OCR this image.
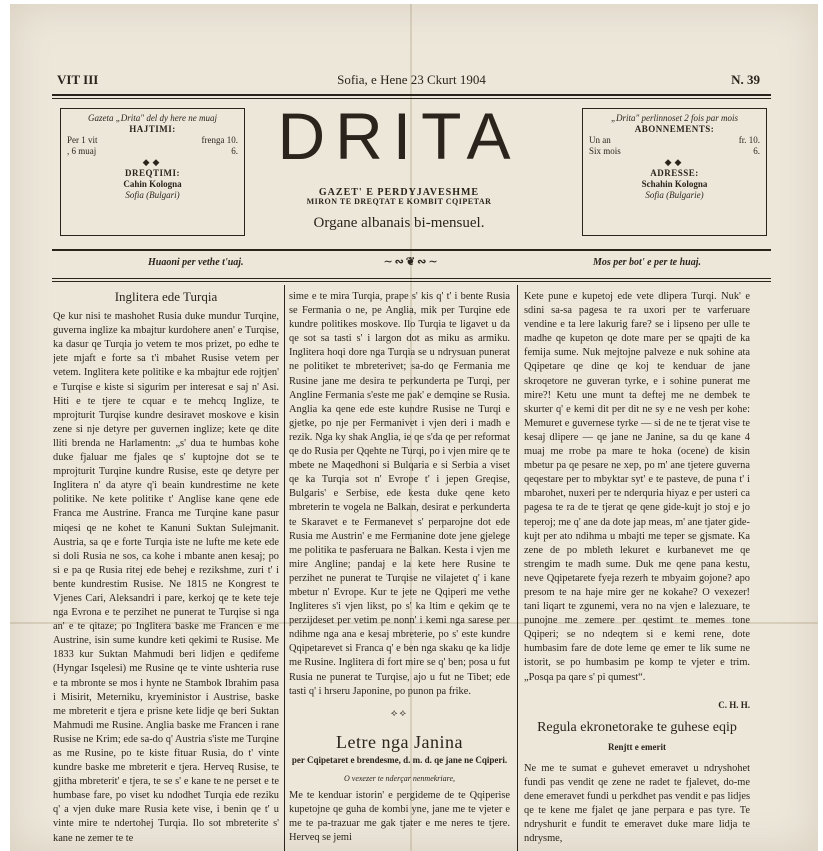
VIT III	Sofia, e Hene 23 Ckurt 1904	N. 39
Gazeta „Drita" del dy here ne muaj
HAJTIMI:
Per 1 vit	frenga 10.
, 6 muaj	6.
◆◆
DREQTIMI:
Cahin Kologna
Sofia (Bulgari)
„Drita" perlinnoset 2 fois par mois
ABONNEMENTS:
Un an	fr. 10.
Six mois	6.
◆◆
ADRESSE:
Schahin Kologna
Sofia (Bulgarie)
DRITA
GAZET' E PERDYJAVESHME
MIRON TE DREQTAT E KOMBIT CQIPETAR
Organe albanais bi-mensuel.
Huaoni per vethe t'uaj.	∼∾❦∾∼	Mos per bot' e per te huaj.
Inglitera ede Turqia

Qe kur nisi te mashohet Rusia duke mundur Turqine, guverna inglize ka mbajtur kurdohere anen' e Turqise, ka dasur qe Turqia jo vetem te mos prizet, po edhe te jete mjaft e forte sa t'i mbahet Rusise vetem per vetem. Inglitera kete politike e ka mbajtur ede rojtjen' e Turqise e kiste si sigurim per interesat e saj n' Asi. Hiti e te tjere te cquar e te mehcq Inglize, te mprojturit Turqise kundre desiravet moskove e kisin zene si nje detyre per guvernen inglize; kete qe dite lliti brenda ne Harlamentn: „s' dua te humbas kohe duke fjaluar me fjales qe s' kuptojne dot se te mprojturit Turqine kundre Rusise, este qe detyre per Inglitera n' da atyre q'i beain kundrestime ne kete politike. Ne kete politike t' Anglise kane qene ede Franca me Austrine. Franca me Turqine kane pasur miqesi qe ne kohet te Kanuni Suktan Sulejmanit. Austria, sa qe e forte Turqia iste ne lufte me kete ede si doli Rusia ne sos, ca kohe i mbante anen kesaj; po si e pa qe Rusia ritej ede behej e rezikshme, zuri t' i bente kundrestim Rusise. Ne 1815 ne Kongrest te Vjenes Cari, Aleksandri i pare, kerkoj qe te kete teje nga Evrona e te perzihet ne punerat te Turqise si nga an' e te qitaze; po Inglitera baske me Francen e me Austrine, isin sume kundre keti qekimi te Rusise. Me 1833 kur Suktan Mahmudi beri lidjen e qedifeme (Hyngar Isqelesi) me Rusine qe te vinte ushteria ruse e ta mbronte se mos i hynte ne Stambok Ibrahim pasa i Misirit, Meterniku, kryeministor i Austrise, baske me mbreterit e tjera e prisne kete lidje qe beri Suktan Mahmudi me Rusine. Anglia baske me Francen i rane Rusise ne Krim; ede sa-do q' Austria s'iste me Turqine as me Rusine, po te kiste fituar Rusia, do t' vinte kundre baske me mbreterit e tjera. Herveq Rusise, te gjitha mbreterit' e tjera, te se s' e kane te ne perset e te humbase fare, po viset ku ndodhet Turqia ede reziku q' a vjen duke mare Rusia kete vise, i benin qe t' u vinte mire te ndertohej Turqia. Ilo sot mbreterite s' kane ne zemer te te

sime e te mira Turqia, prape s' kis q' t' i bente Rusia se Fermania o ne, pe Anglia, mik per Turqine ede kundre politikes moskove. Ilo Turqia te ligavet u da qe sot sa tasti s' i largon dot as miku as armiku. Inglitera hoqi dore nga Turqia se u ndrysuan punerat ne politiket te mbreterivet; sa-do qe Fermania me Rusine jane me desira te perkunderta pe Turqi, per Angline Fermania s'este me pak' e demqine se Rusia. Anglia ka qene ede este kundre Rusise ne Turqi e gjetke, po nje per Fermanivet i vjen deri i madh e rezik. Nga ky shak Anglia, ie qe s'da qe per reformat qe do Rusia per Qqehte ne Turqi, po i vjen mire qe te mbete ne Maqedhoni si Bulqaria e si Serbia a viset qe ka Turqia sot n' Evrope t' i jepen Greqise, Bulgaris' e Serbise, ede kesta duke qene keto mbreterin te vogela ne Balkan, desirat e perkunderta te Skaravet e te Fermanevet s' perparojne dot ede Rusia me Austrin' e me Fermanine dote jene gjelege me politika te pasferuara ne Balkan. Kesta i vjen me mire Angline; pandaj e la kete here Rusine te perzihet ne punerat te Turqise ne vilajetet q' i kane mbetur n' Evrope. Kur te jete ne Qqiperi me vethe Ingliteres s'i vjen likst, po s' ka ltim e qekim qe te perzijdeset per vetim pe nonn' i kemi nga sarese per ndihme nga ana e kesaj mbreterie, po s' este kundre Qqipetarevet si Franca q' e ben nga skaku qe ka lidje me Rusine. Inglitera di fort mire se q' ben; posa u fut Rusia ne punerat te Turqise, ajo u fut ne Tibet; ede tasti q' i hrseru Japonine, po punon pa frike.

⟡⟡
Letre nga Janina
per Cqipetaret e brendesme, d. m. d. qe jane ne Cqiperi.
O vexezer te nderçar nenmekriare,
Me te kenduar istorin' e pergideme de te Qqiperise kupetojne qe guha de kombi yne, jane me te vjeter e me te pa-trazuar me gak tjater e me neres te tjere. Herveq se jemi

Kete pune e kupetoj ede vete dlipera Turqi. Nuk' e sdini sa-sa pagesa te ra uxori per te varferuare vendine e ta lere lakurig fare? se i lipseno per ulle te madhe qe kupeton qe dote mare per se qpajti de ka femija sume. Nuk mejtojne palveze e nuk sohine ata Qqipetare qe dine qe koj te kenduar de jane skroqetore ne guveran tyrke, e i sohine punerat me mire?! Ketu une munt ta deftej me ne dembek te skurter q' e kemi dit per dit ne sy e ne vesh per kohe: Memuret e guvernese tyrke — si de ne te tjerat vise te kesaj dlipere — qe jane ne Janine, sa du qe kane 4 muaj me rrobe pa mare te hoka (ocene) de kisin mbetur pa qe pesare ne xep, po m' ane tjetere guverna qeqestare per to mbyktar syt' e te pasteve, de puna t' i mbarohet, nuxeri per te nderquria hiyaz e per usteri ca pagesa te ra de te tjerat qe qene gide-kujt jo stoj e jo teperoj; me q' ane da dote jap meas, m' ane tjater gide-kujt per ato ndihma u mbajti me teper se gjsmate. Ka zene de po mbleth lekuret e kurbanevet me qe strengim te madh sume. Duk me qene pana kestu, neve Qqipetarete fyeja rezerh te mbyaim gojone? apo presom te na haje mire ger ne kokahe? O vexezer! tani liqart te zgunemi, vera no na vjen e lalezuare, te punojne me zemere per qestimt te memes tone Qqiperi; se no ndeqtem si e kemi rene, dote humbasim fare de dote leme qe emer te lik sume ne istorit, se po humbasim pe komp te vjeter e trim. „Posqa pa qare s' pi qumest“.

C. H. H.
Regula ekronetorake te guhese eqip
Renjtt e emerit
Ne me te sumat e guhevet emeravet u ndryshohet fundi pas vendit qe zene ne radet te fjalevet, do-me dene emeravet fundi u perkdhet pas vendit e pas lidjes qe te kene me fjalet qe jane perpara e pas tyre. Te ndryshurit e fundit te emeravet duke mare lidja te ndrysme,
